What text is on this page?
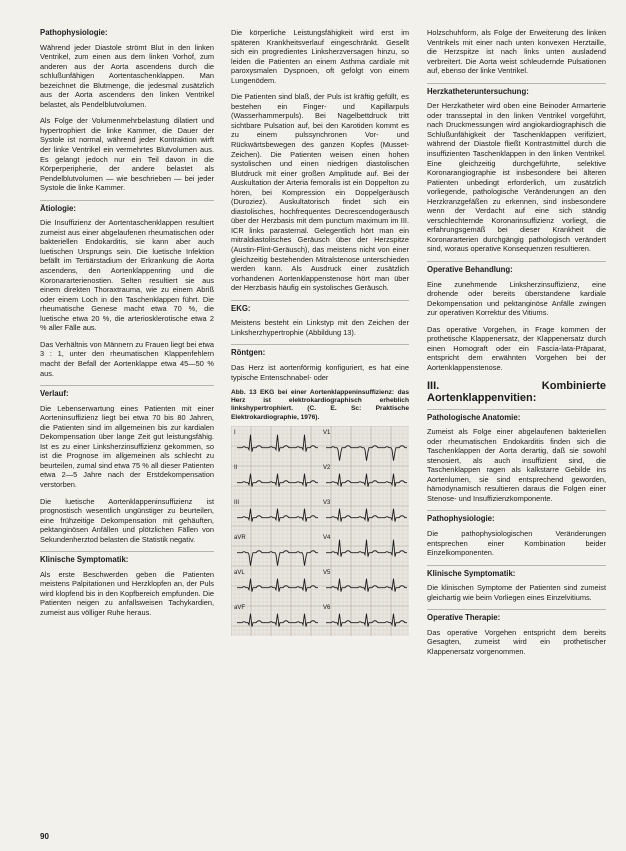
Pathophysiologie:

Während jeder Diastole strömt Blut in den linken Ventrikel, zum einen aus dem linken Vorhof, zum anderen aus der Aorta ascendens durch die schlußunfähigen Aortentaschenklappen. Man bezeichnet die Blutmenge, die jedesmal zusätzlich aus der Aorta ascendens den linken Ventrikel belastet, als Pendelblutvolumen.

Als Folge der Volumenmehrbelastung dilatiert und hypertrophiert die linke Kammer, die Dauer der Systole ist normal, während jeder Kontraktion wirft der linke Ventrikel ein vermehrtes Blutvolumen aus. Es gelangt jedoch nur ein Teil davon in die Körperperipherie, der andere belastet als Pendelblutvolumen — wie beschrieben — bei jeder Systole die linke Kammer.

Ätiologie:

Die Insuffizienz der Aortentaschenklappen resultiert zumeist aus einer abgelaufenen rheumatischen oder bakteriellen Endokarditis, sie kann aber auch luetischen Ursprungs sein. Die luetische Infektion befällt im Tertiärstadium der Erkrankung die Aorta ascendens, den Aortenklappenring und die Koronararterienostien. Selten resultiert sie aus einem direkten Thoraxtrauma, wie zu einem Abriß oder einem Loch in den Taschenklappen führt. Die rheumatische Genese macht etwa 70 %, die luetische etwa 20 %, die arteriosklerotische etwa 2 % aller Fälle aus.

Das Verhältnis von Männern zu Frauen liegt bei etwa 3 : 1, unter den rheumatischen Klappenfehlern macht der Befall der Aortenklappe etwa 45—50 % aus.

Verlauf:

Die Lebenserwartung eines Patienten mit einer Aorteninsuffizienz liegt bei etwa 70 bis 80 Jahren, die Patienten sind im allgemeinen bis zur kardialen Dekompensation über lange Zeit gut leistungsfähig. Ist es zu einer Linksherzinsuffizienz gekommen, so ist die Prognose im allgemeinen als schlecht zu beurteilen, zumal sind etwa 75 % all dieser Patienten etwa 2—5 Jahre nach der Erstdekompensation verstorben.

Die luetische Aortenklappeninsuffizienz ist prognostisch wesentlich ungünstiger zu beurteilen, eine frühzeitige Dekompensation mit gehäuften, pektanginösen Anfällen und plötzlichen Fällen von Sekundenherztod belasten die Statistik negativ.

Klinische Symptomatik:

Als erste Beschwerden geben die Patienten meistens Palpitationen und Herzklopfen an, der Puls wird klopfend bis in den Kopfbereich empfunden. Die Patienten neigen zu anfallsweisen Tachykardien, zumeist aus völliger Ruhe heraus.

Die körperliche Leistungsfähigkeit wird erst im späteren Krankheitsverlauf eingeschränkt. Gesellt sich ein progredientes Linksherzversagen hinzu, so leiden die Patienten an einem Asthma cardiale mit paroxysmalen Dyspnoen, oft gefolgt von einem Lungenödem.

Die Patienten sind blaß, der Puls ist kräftig gefüllt, es bestehen ein Finger- und Kapillarpuls (Wasserhammerpuls). Bei Nagelbettdruck tritt sichtbare Pulsation auf, bei den Karotiden kommt es zu einem pulssynchronen Vor- und Rückwärtsbewegen des ganzen Kopfes (Musset-Zeichen). Die Patienten weisen einen hohen systolischen und einen niedrigen diastolischen Blutdruck mit einer großen Amplitude auf. Bei der Auskultation der Arteria femoralis ist ein Doppelton zu hören, bei Kompression ein Doppelgeräusch (Duroziez). Auskultatorisch findet sich ein diastolisches, hochfrequentes Decrescendogeräusch über der Herzbasis mit dem punctum maximum im III. ICR links parasternal. Gelegentlich hört man ein mitraldiastolisches Geräusch über der Herzspitze (Austin-Flint-Geräusch), das meistens nicht von einer gleichzeitig bestehenden Mitralstenose unterschieden werden kann. Als Ausdruck einer zusätzlich vorhandenen Aortenklappenstenose hört man über der Herzbasis häufig ein systolisches Geräusch.

EKG:

Meistens besteht ein Linkstyp mit den Zeichen der Linksherzhypertrophie (Abbildung 13).

Röntgen:

Das Herz ist aortenförmig konfiguriert, es hat eine typische Entenschnabel- oder

Abb. 13 EKG bei einer Aortenklappeninsuffizienz: das Herz ist elektrokardiographisch erheblich linkshypertrophiert. (C. E. Sc: Praktische Elektrokardiographie, 1976).
I
II
III
aVR
aVL
aVF
V1
V2
V3
V4
V5
V6

Holzschuhform, als Folge der Erweiterung des linken Ventrikels mit einer nach unten konvexen Herztaille, die Herzspitze ist nach links unten ausladend verbreitert. Die Aorta weist schleudernde Pulsationen auf, ebenso der linke Ventrikel.

Herzkatheteruntersuchung:

Der Herzkatheter wird oben eine Beinoder Armarterie oder transseptal in den linken Ventrikel vorgeführt, nach Druckmessungen wird angiokardiographisch die Schlußunfähigkeit der Taschenklappen verifiziert, während der Diastole fließt Kontrastmittel durch die insuffizienten Taschenklappen in den linken Ventrikel. Eine gleichzeitig durchgeführte, selektive Koronarangiographie ist insbesondere bei älteren Patienten unbedingt erforderlich, um zusätzlich vorliegende, pathologische Veränderungen an den Herzkranzgefäßen zu erkennen, sind insbesondere wenn der Verdacht auf eine sich ständig verschlechternde Koronarinsuffizienz vorliegt, die erfahrungsgemäß bei dieser Krankheit die Koronararterien durchgängig pathologisch verändert sind, woraus operative Konsequenzen resultieren.

Operative Behandlung:

Eine zunehmende Linksherzinsuffizienz, eine drohende oder bereits überstandene kardiale Dekompensation und pektanginöse Anfälle zwingen zur operativen Korrektur des Vitiums.

Das operative Vorgehen, in Frage kommen der prothetische Klappenersatz, der Klappenersatz durch einen Homograft oder ein Fascia-lata-Präparat, entspricht dem erwähnten Vorgehen bei der Aortenklappenstenose.

III. Kombinierte Aortenklappenvitien:
Pathologische Anatomie:

Zumeist als Folge einer abgelaufenen bakteriellen oder rheumatischen Endokarditis finden sich die Taschenklappen der Aorta derartig, daß sie sowohl stenosiert, als auch insuffizient sind, die Taschenklappen ragen als kalkstarre Gebilde ins Aortenlumen, sie sind entsprechend geworden, hämodynamisch resultieren daraus die Folgen einer Stenose- und Insuffizienzkomponente.

Pathophysiologie:

Die pathophysiologischen Veränderungen entsprechen einer Kombination beider Einzelkomponenten.

Klinische Symptomatik:

Die klinischen Symptome der Patienten sind zumeist gleichartig wie beim Vorliegen eines Einzelvitiums.

Operative Therapie:

Das operative Vorgehen entspricht dem bereits Gesagten, zumeist wird ein prothetischer Klappenersatz vorgenommen.

90
